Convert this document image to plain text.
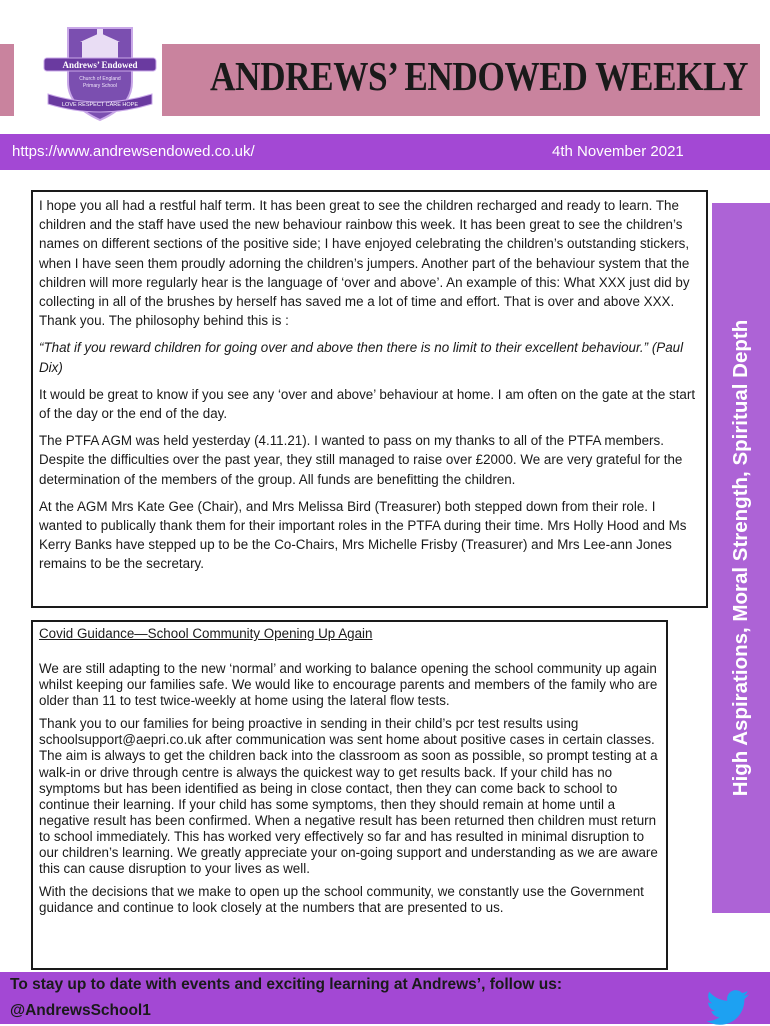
Andrews’ Endowed
Church of England
Primary School
LOVE RESPECT CARE HOPE
ANDREWS’ ENDOWED WEEKLY
https://www.andrewsendowed.co.uk/	4th November 2021
High Aspirations, Moral Strength, Spiritual Depth

I hope you all had a restful half term. It has been great to see the children recharged and ready to learn. The children and the staff have used the new behaviour rainbow this week. It has been great to see the children’s names on different sections of the positive side; I have enjoyed celebrating the children’s outstanding stickers, when I have seen them proudly adorning the children’s jumpers. Another part of the behaviour system that the children will more regularly hear is the language of ‘over and above’. An example of this: What XXX just did by collecting in all of the brushes by herself has saved me a lot of time and effort. That is over and above XXX. Thank you. The philosophy behind this is :

“That if you reward children for going over and above then there is no limit to their excellent behaviour.” (Paul Dix)

It would be great to know if you see any ‘over and above’ behaviour at home. I am often on the gate at the start of the day or the end of the day.

The PTFA AGM was held yesterday (4.11.21). I wanted to pass on my thanks to all of the PTFA members. Despite the difficulties over the past year, they still managed to raise over £2000. We are very grateful for the determination of the members of the group. All funds are benefitting the children.

At the AGM Mrs Kate Gee (Chair), and Mrs Melissa Bird (Treasurer) both stepped down from their role. I wanted to publically thank them for their important roles in the PTFA during their time. Mrs Holly Hood and Ms Kerry Banks have stepped up to be the Co-Chairs, Mrs Michelle Frisby (Treasurer) and Mrs Lee-ann Jones remains to be the secretary.

Covid Guidance—School Community Opening Up Again

We are still adapting to the new ‘normal’ and working to balance opening the school community up again whilst keeping our families safe. We would like to encourage parents and members of the family who are older than 11 to test twice-weekly at home using the lateral flow tests.

Thank you to our families for being proactive in sending in their child’s pcr test results using schoolsupport@aepri.co.uk after communication was sent home about positive cases in certain classes. The aim is always to get the children back into the classroom as soon as possible, so prompt testing at a walk-in or drive through centre is always the quickest way to get results back. If your child has no symptoms but has been identified as being in close contact, then they can come back to school to continue their learning. If your child has some symptoms, then they should remain at home until a negative result has been confirmed. When a negative result has been returned then children must return to school immediately. This has worked very effectively so far and has resulted in minimal disruption to our children’s learning. We greatly appreciate your on-going support and understanding as we are aware this can cause disruption to your lives as well.

With the decisions that we make to open up the school community, we constantly use the Government guidance and continue to look closely at the numbers that are presented to us.

To stay up to date with events and exciting learning at Andrews’, follow us:
@AndrewsSchool1
